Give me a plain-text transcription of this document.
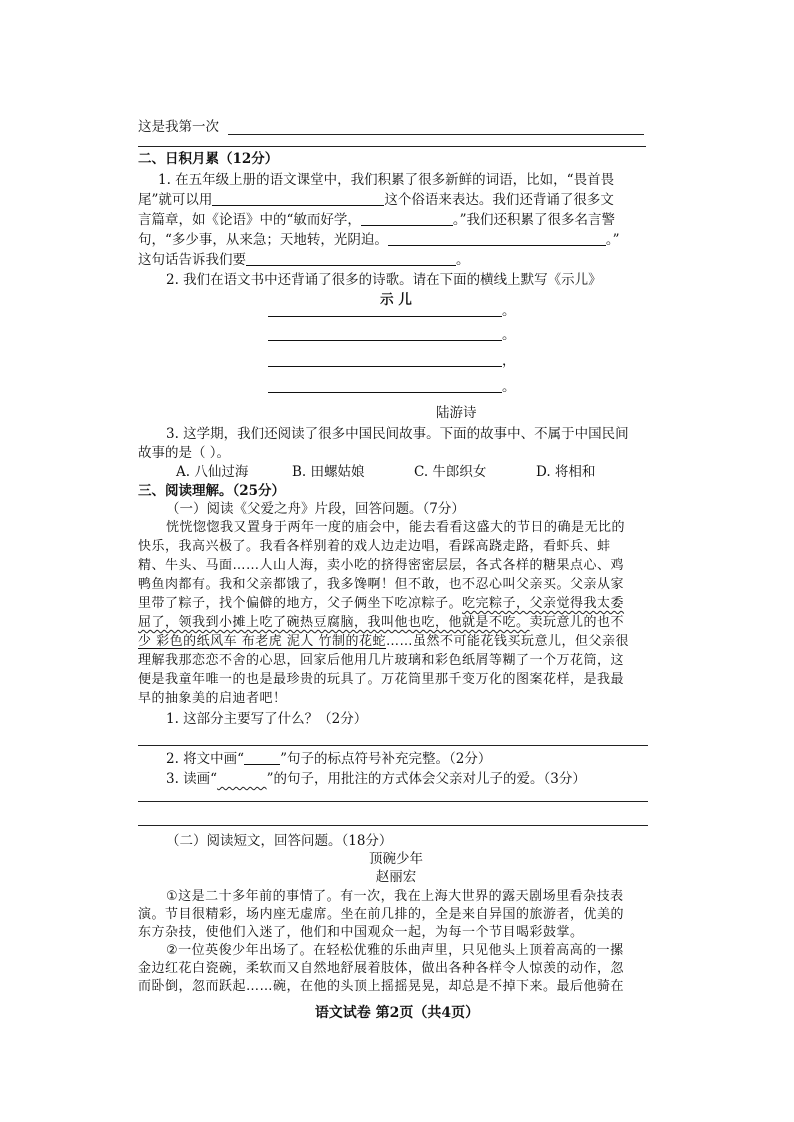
这是我第一次
二、日积月累（12分）
1. 在五年级上册的语文课堂中，我们积累了很多新鲜的词语，比如，“畏首畏
尾”就可以用	这个俗语来表达。我们还背诵了很多文
言篇章，如《论语》中的“敏而好学，	。”我们还积累了很多名言警
句，“多少事，从来急；天地转，光阴迫。	。”
这句话告诉我们要	。
2. 我们在语文书中还背诵了很多的诗歌。请在下面的横线上默写《示儿》
示 儿
。
。
，
。
陆游诗
3. 这学期，我们还阅读了很多中国民间故事。下面的故事中、不属于中国民间
故事的是（ ）。
A. 八仙过海	B. 田螺姑娘	C. 牛郎织女	D. 将相和
三、阅读理解。（25分）
（一）阅读《父爱之舟》片段，回答问题。（7分）
恍恍惚惚我又置身于两年一度的庙会中，能去看看这盛大的节日的确是无比的
快乐，我高兴极了。我看各样别着的戏人边走边唱，看踩高跷走路，看虾兵、蚌
精、牛头、马面……人山人海，卖小吃的挤得密密层层，各式各样的糖果点心、鸡
鸭鱼肉都有。我和父亲都饿了，我多馋啊！但不敢，也不忍心叫父亲买。父亲从家
里带了粽子，找个偏僻的地方，父子俩坐下吃凉粽子。吃完粽子，父亲觉得我太委
屈了，领我到小摊上吃了碗热豆腐脑，我叫他也吃，他就是不吃。卖玩意儿的也不
少 彩色的纸风车 布老虎 泥人 竹制的花蛇……虽然不可能花钱买玩意儿，但父亲很
理解我那恋恋不舍的心思，回家后他用几片玻璃和彩色纸屑等糊了一个万花筒，这
便是我童年唯一的也是最珍贵的玩具了。万花筒里那千变万化的图案花样，是我最
早的抽象美的启迪者吧！
1. 这部分主要写了什么？（2分）
2. 将文中画“	”句子的标点符号补充完整。（2分）
3. 读画“   	”的句子，用批注的方式体会父亲对儿子的爱。（3分）
（二）阅读短文，回答问题。（18分）
顶碗少年
赵丽宏
①这是二十多年前的事情了。有一次，我在上海大世界的露天剧场里看杂技表
演。节目很精彩，场内座无虚席。坐在前几排的，全是来自异国的旅游者，优美的
东方杂技，使他们入迷了，他们和中国观众一起，为每一个节目喝彩鼓掌。
②一位英俊少年出场了。在轻松优雅的乐曲声里，只见他头上顶着高高的一摞
金边红花白瓷碗，柔软而又自然地舒展着肢体，做出各种各样令人惊羡的动作，忽
而卧倒，忽而跃起……碗，在他的头顶上摇摇晃晃，却总是不掉下来。最后他骑在
语文试卷 第2页（共4页）
